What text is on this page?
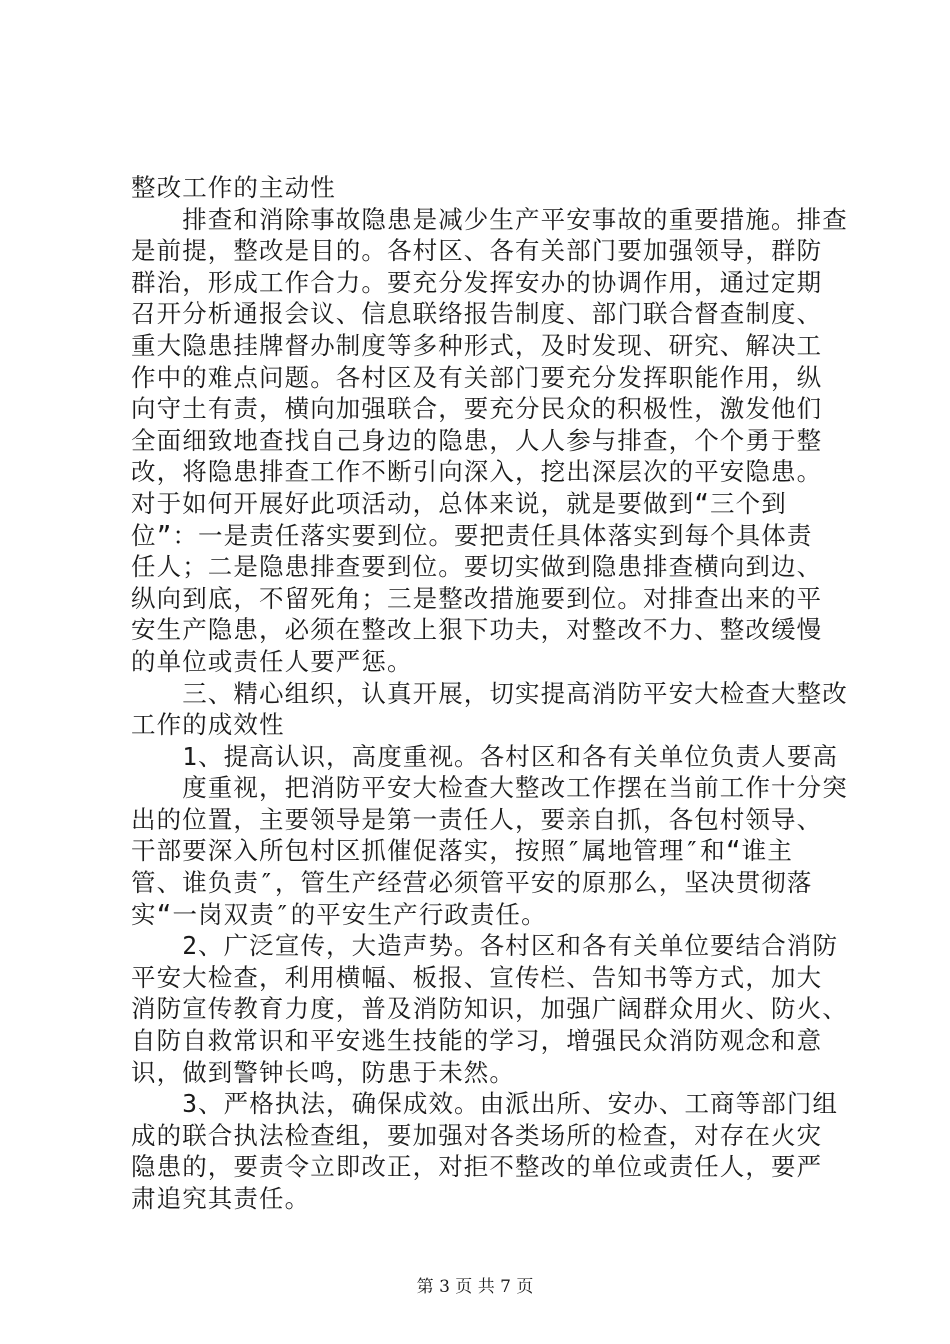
整改工作的主动性
　　排查和消除事故隐患是减少生产平安事故的重要措施。排查
是前提，整改是目的。各村区、各有关部门要加强领导，群防
群治，形成工作合力。要充分发挥安办的协调作用，通过定期
召开分析通报会议、信息联络报告制度、部门联合督查制度、
重大隐患挂牌督办制度等多种形式，及时发现、研究、解决工
作中的难点问题。各村区及有关部门要充分发挥职能作用，纵
向守土有责，横向加强联合，要充分民众的积极性，激发他们
全面细致地查找自己身边的隐患，人人参与排查，个个勇于整
改，将隐患排查工作不断引向深入，挖出深层次的平安隐患。
对于如何开展好此项活动，总体来说，就是要做到“三个到
位”：一是责任落实要到位。要把责任具体落实到每个具体责
任人；二是隐患排查要到位。要切实做到隐患排查横向到边、
纵向到底，不留死角；三是整改措施要到位。对排查出来的平
安生产隐患，必须在整改上狠下功夫，对整改不力、整改缓慢
的单位或责任人要严惩。
　　三、精心组织，认真开展，切实提高消防平安大检查大整改
工作的成效性
　　1、提高认识，高度重视。各村区和各有关单位负责人要高
　　度重视，把消防平安大检查大整改工作摆在当前工作十分突
出的位置，主要领导是第一责任人，要亲自抓，各包村领导、
干部要深入所包村区抓催促落实，按照″属地管理″和“谁主
管、谁负责″，管生产经营必须管平安的原那么，坚决贯彻落
实“一岗双责″的平安生产行政责任。
　　2、广泛宣传，大造声势。各村区和各有关单位要结合消防
平安大检查，利用横幅、板报、宣传栏、告知书等方式，加大
消防宣传教育力度，普及消防知识，加强广阔群众用火、防火、
自防自救常识和平安逃生技能的学习，增强民众消防观念和意
识，做到警钟长鸣，防患于未然。
　　3、严格执法，确保成效。由派出所、安办、工商等部门组
成的联合执法检查组，要加强对各类场所的检查，对存在火灾
隐患的，要责令立即改正，对拒不整改的单位或责任人，要严
肃追究其责任。
第 3 页 共 7 页
